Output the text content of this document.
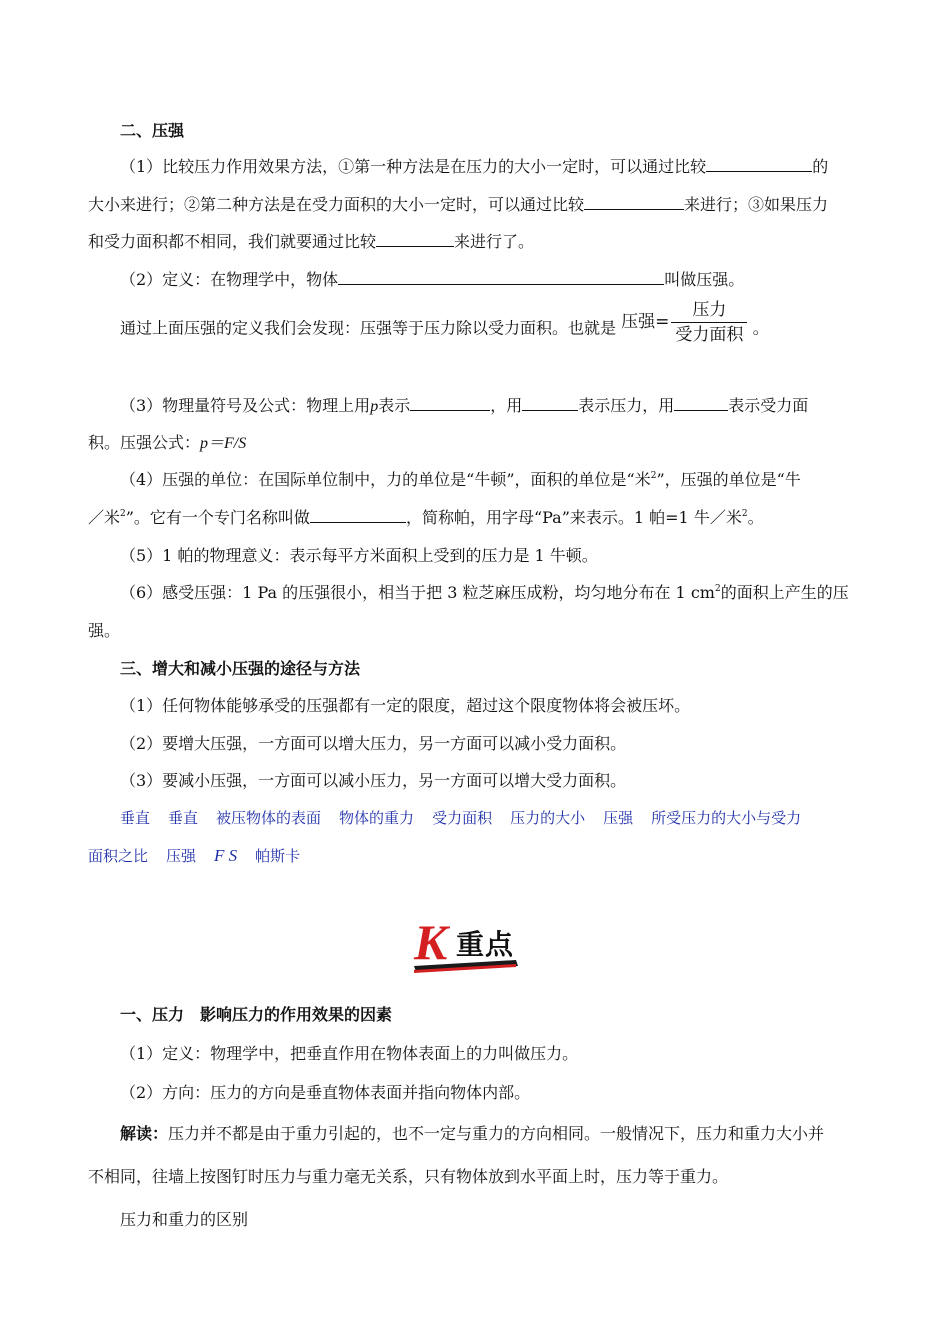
二、压强
（1）比较压力作用效果方法，①第一种方法是在压力的大小一定时，可以通过比较	的
大小来进行；②第二种方法是在受力面积的大小一定时，可以通过比较	来进行；③如果压力
和受力面积都不相同，我们就要通过比较	来进行了。
（2）定义：在物理学中，物体	叫做压强。
通过上面压强的定义我们会发现：压强等于压力除以受力面积。也就是 压强= $\frac{\text{压力}}{\text{受力面积}}$ 。
（3）物理量符号及公式：物理上用p表示	，用	表示压力，用	表示受力面
积。压强公式：p＝F/S
（4）压强的单位：在国际单位制中，力的单位是“牛顿”，面积的单位是“米$^2$”，压强的单位是“牛
／米$^2$”。它有一个专门名称叫做	，简称帕，用字母“Pa”来表示。1 帕=1 牛／米$^2$。
（5）1 帕的物理意义：表示每平方米面积上受到的压力是 1 牛顿。
（6）感受压强：1 Pa 的压强很小，相当于把 3 粒芝麻压成粉，均匀地分布在 1 $cm^2$的面积上产生的压
强。
三、增大和减小压强的途径与方法
（1）任何物体能够承受的压强都有一定的限度，超过这个限度物体将会被压坏。
（2）要增大压强，一方面可以增大压力，另一方面可以减小受力面积。
（3）要减小压强，一方面可以减小压力，另一方面可以增大受力面积。
垂直 垂直 被压物体的表面 物体的重力 受力面积 压力的大小 压强 所受压力的大小与受力
面积之比 压强 F S 帕斯卡
K 重点
一、压力　影响压力的作用效果的因素
（1）定义：物理学中，把垂直作用在物体表面上的力叫做压力。
（2）方向：压力的方向是垂直物体表面并指向物体内部。
解读：压力并不都是由于重力引起的，也不一定与重力的方向相同。一般情况下，压力和重力大小并
不相同，往墙上按图钉时压力与重力毫无关系，只有物体放到水平面上时，压力等于重力。
压力和重力的区别
